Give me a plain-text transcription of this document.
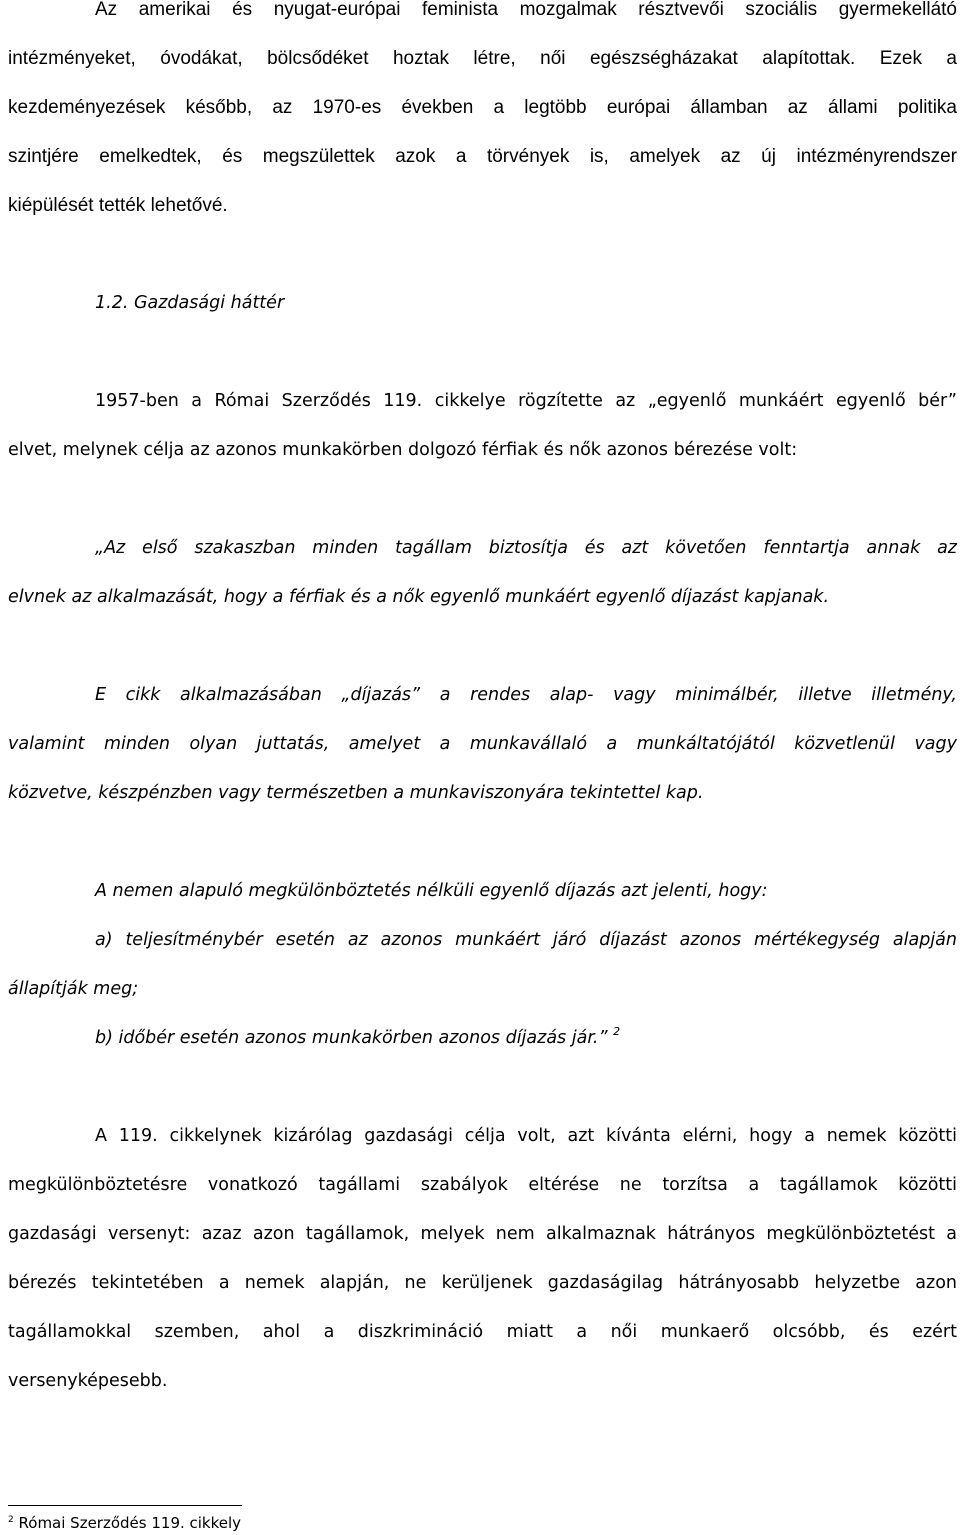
Az amerikai és nyugat-európai feminista mozgalmak résztvevői szociális gyermekellátó

intézményeket, óvodákat, bölcsődéket hoztak létre, női egészségházakat alapítottak. Ezek a

kezdeményezések később, az 1970-es években a legtöbb európai államban az állami politika

szintjére emelkedtek, és megszülettek azok a törvények is, amelyek az új intézményrendszer

kiépülését tették lehetővé.

1.2. Gazdasági háttér

1957-ben a Római Szerződés 119. cikkelye rögzítette az „egyenlő munkáért egyenlő bér”

elvet, melynek célja az azonos munkakörben dolgozó férfiak és nők azonos bérezése volt:

„Az első szakaszban minden tagállam biztosítja és azt követően fenntartja annak az

elvnek az alkalmazását, hogy a férfiak és a nők egyenlő munkáért egyenlő díjazást kapjanak.

E cikk alkalmazásában „díjazás” a rendes alap- vagy minimálbér, illetve illetmény,

valamint minden olyan juttatás, amelyet a munkavállaló a munkáltatójától közvetlenül vagy

közvetve, készpénzben vagy természetben a munkaviszonyára tekintettel kap.

A nemen alapuló megkülönböztetés nélküli egyenlő díjazás azt jelenti, hogy:

a) teljesítménybér esetén az azonos munkáért járó díjazást azonos mértékegység alapján

állapítják meg;

b) időbér esetén azonos munkakörben azonos díjazás jár.” $^2$

A 119. cikkelynek kizárólag gazdasági célja volt, azt kívánta elérni, hogy a nemek közötti

megkülönböztetésre vonatkozó tagállami szabályok eltérése ne torzítsa a tagállamok közötti

gazdasági versenyt: azaz azon tagállamok, melyek nem alkalmaznak hátrányos megkülönböztetést a

bérezés tekintetében a nemek alapján, ne kerüljenek gazdaságilag hátrányosabb helyzetbe azon

tagállamokkal szemben, ahol a diszkrimináció miatt a női munkaerő olcsóbb, és ezért

versenyképesebb.

$^2$ Római Szerződés 119. cikkely
